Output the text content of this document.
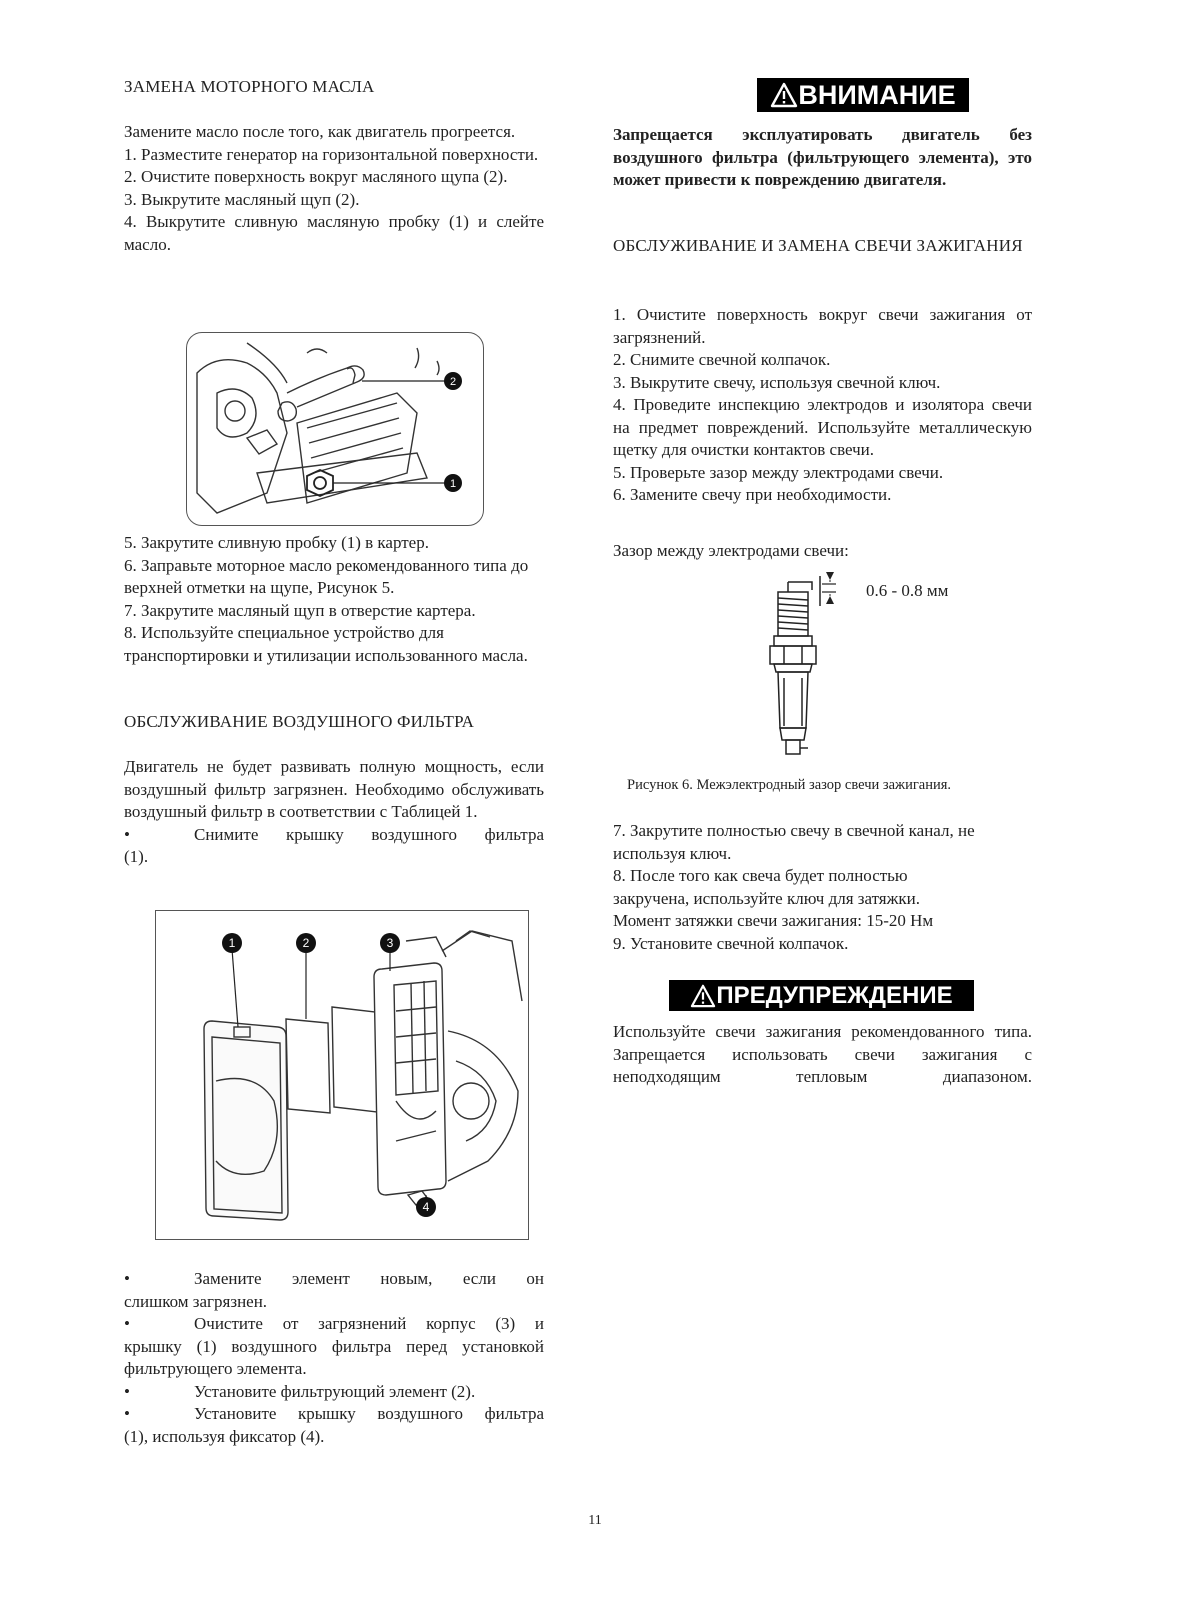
ЗАМЕНА МОТОРНОГО МАСЛА

Замените масло после того, как двигатель прогреется.

1. Разместите генератор на горизонтальной поверхности.

2. Очистите поверхность вокруг масляного щупа (2).

3. Выкрутите масляный щуп (2).

4. Выкрутите сливную масляную пробку (1) и слейте масло.

2
1

5. Закрутите сливную пробку (1) в картер.

6. Заправьте моторное масло рекомендованного типа до верхней отметки на щупе, Рисунок 5.

7. Закрутите масляный щуп в отверстие картера.

8. Используйте специальное устройство для транспортировки и утилизации использованного масла.

ОБСЛУЖИВАНИЕ ВОЗДУШНОГО ФИЛЬТРА

Двигатель не будет развивать полную мощность, если воздушный фильтр загрязнен. Необходимо обслуживать воздушный фильтр в соответствии с Таблицей 1.

•	Снимите крышку воздушного фильтра
(1).
1	2	3
4
•	Замените элемент новым, если он
слишком загрязнен.
•	Очистите от загрязнений корпус (3) и
крышку (1) воздушного фильтра перед установкой фильтрующего элемента.
•	Установите фильтрующий элемент (2).
•	Установите крышку воздушного фильтра
(1), используя фиксатор (4).
ВНИМАНИЕ

Запрещается эксплуатировать двигатель без воздушного фильтра (фильтрующего элемента), это может привести к повреждению двигателя.

ОБСЛУЖИВАНИЕ И ЗАМЕНА СВЕЧИ ЗАЖИГАНИЯ

1. Очистите поверхность вокруг свечи зажигания от загрязнений.

2. Снимите свечной колпачок.

3. Выкрутите свечу, используя свечной ключ.

4. Проведите инспекцию электродов и изолятора свечи на предмет повреждений. Используйте металлическую щетку для очистки контактов свечи.

5. Проверьте зазор между электродами свечи.

6. Замените свечу при необходимости.

Зазор между электродами свечи:

0.6 - 0.8 мм
Рисунок 6. Межэлектродный зазор свечи зажигания.

7. Закрутите полностью свечу в свечной канал, не используя ключ.

8. После того как свеча будет полностью закручена, используйте ключ для затяжки.

Момент затяжки свечи зажигания: 15-20 Нм

9. Установите свечной колпачок.

ПРЕДУПРЕЖДЕНИЕ

Используйте свечи зажигания рекомендованного типа. Запрещается использовать свечи зажигания с неподходящим тепловым диапазоном.

11
